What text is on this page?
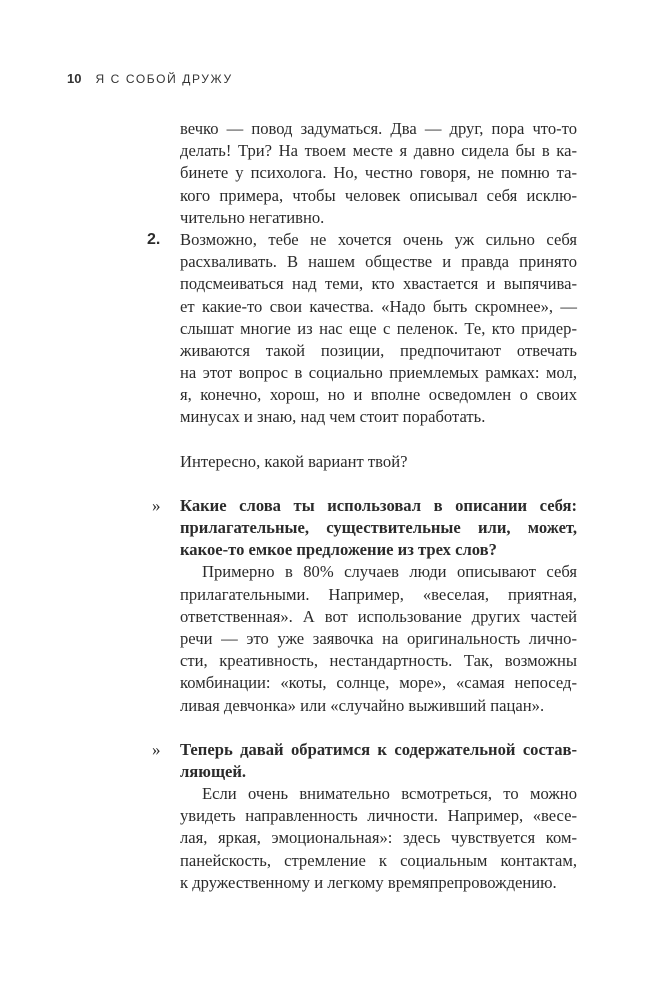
10 Я С СОБОЙ ДРУЖУ
вечко — повод задуматься. Два — друг, пора что-то
делать! Три? На твоем месте я давно сидела бы в ка-
бинете у психолога. Но, честно говоря, не помню та-
кого примера, чтобы человек описывал себя исклю-
чительно негативно.
2. Возможно, тебе не хочется очень уж сильно себя
расхваливать. В нашем обществе и правда принято
подсмеиваться над теми, кто хвастается и выпячива-
ет какие-то свои качества. «Надо быть скромнее», —
слышат многие из нас еще с пеленок. Те, кто придер-
живаются такой позиции, предпочитают отвечать
на этот вопрос в социально приемлемых рамках: мол,
я, конечно, хорош, но и вполне осведомлен о своих
минусах и знаю, над чем стоит поработать.
Интересно, какой вариант твой?
» Какие слова ты использовал в описании себя:
прилагательные, существительные или, может,
какое-то емкое предложение из трех слов?
Примерно в 80% случаев люди описывают себя
прилагательными. Например, «веселая, приятная,
ответственная». А вот использование других частей
речи — это уже заявочка на оригинальность лично-
сти, креативность, нестандартность. Так, возможны
комбинации: «коты, солнце, море», «самая непосед-
ливая девчонка» или «случайно выживший пацан».
» Теперь давай обратимся к содержательной состав-
ляющей.
Если очень внимательно всмотреться, то можно
увидеть направленность личности. Например, «весе-
лая, яркая, эмоциональная»: здесь чувствуется ком-
панейскость, стремление к социальным контактам,
к дружественному и легкому времяпрепровождению.
